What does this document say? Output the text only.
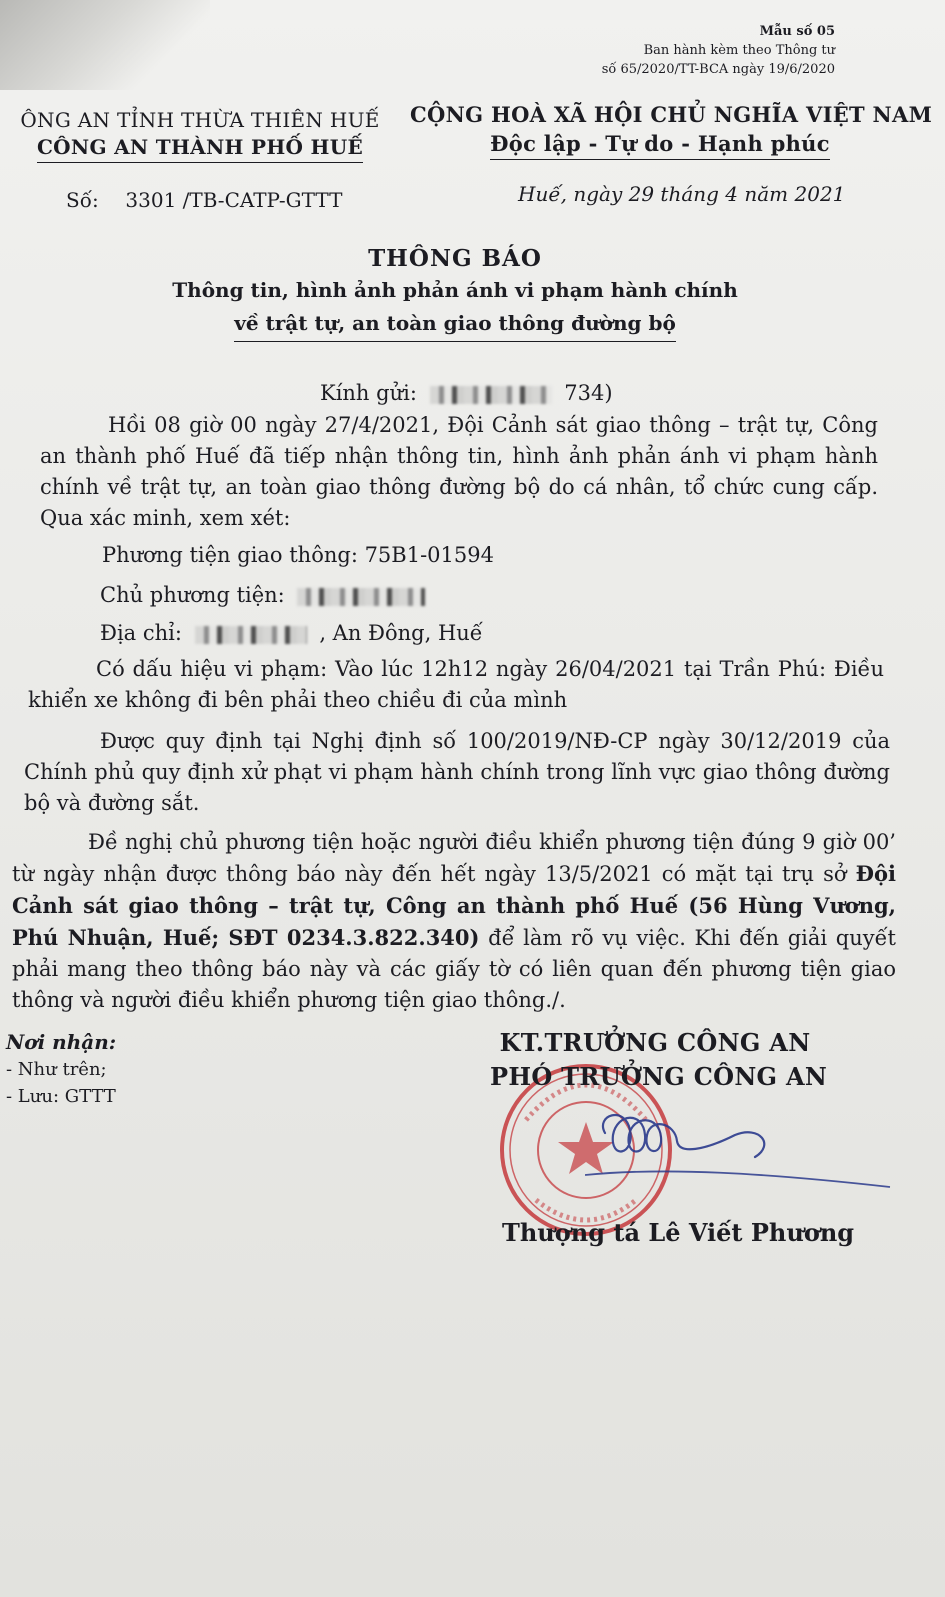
Mẫu số 05
Ban hành kèm theo Thông tư
số 65/2020/TT-BCA ngày 19/6/2020
ÔNG AN TỈNH THỪA THIÊN HUẾ
CÔNG AN THÀNH PHỐ HUẾ
CỘNG HOÀ XÃ HỘI CHỦ NGHĨA VIỆT NAM
Độc lập - Tự do - Hạnh phúc
Số: 3301 /TB-CATP-GTTT	Huế, ngày 29 tháng 4 năm 2021
THÔNG BÁO
Thông tin, hình ảnh phản ánh vi phạm hành chính
về trật tự, an toàn giao thông đường bộ
Kính gửi:	734)
Hồi 08 giờ 00 ngày 27/4/2021, Đội Cảnh sát giao thông – trật tự, Công an thành phố Huế đã tiếp nhận thông tin, hình ảnh phản ánh vi phạm hành chính về trật tự, an toàn giao thông đường bộ do cá nhân, tổ chức cung cấp. Qua xác minh, xem xét:
Phương tiện giao thông: 75B1-01594
Chủ phương tiện:
Địa chỉ:	, An Đông, Huế
Có dấu hiệu vi phạm: Vào lúc 12h12 ngày 26/04/2021 tại Trần Phú: Điều khiển xe không đi bên phải theo chiều đi của mình
Được quy định tại Nghị định số 100/2019/NĐ-CP ngày 30/12/2019 của Chính phủ quy định xử phạt vi phạm hành chính trong lĩnh vực giao thông đường bộ và đường sắt.
Đề nghị chủ phương tiện hoặc người điều khiển phương tiện đúng 9 giờ 00’ từ ngày nhận được thông báo này đến hết ngày 13/5/2021 có mặt tại trụ sở Đội Cảnh sát giao thông – trật tự, Công an thành phố Huế (56 Hùng Vương, Phú Nhuận, Huế; SĐT 0234.3.822.340) để làm rõ vụ việc. Khi đến giải quyết phải mang theo thông báo này và các giấy tờ có liên quan đến phương tiện giao thông và người điều khiển phương tiện giao thông./.
Nơi nhận:
- Như trên;
- Lưu: GTTT
KT.TRƯỞNG CÔNG AN
PHÓ TRƯỞNG CÔNG AN
Thượng tá Lê Viết Phương
